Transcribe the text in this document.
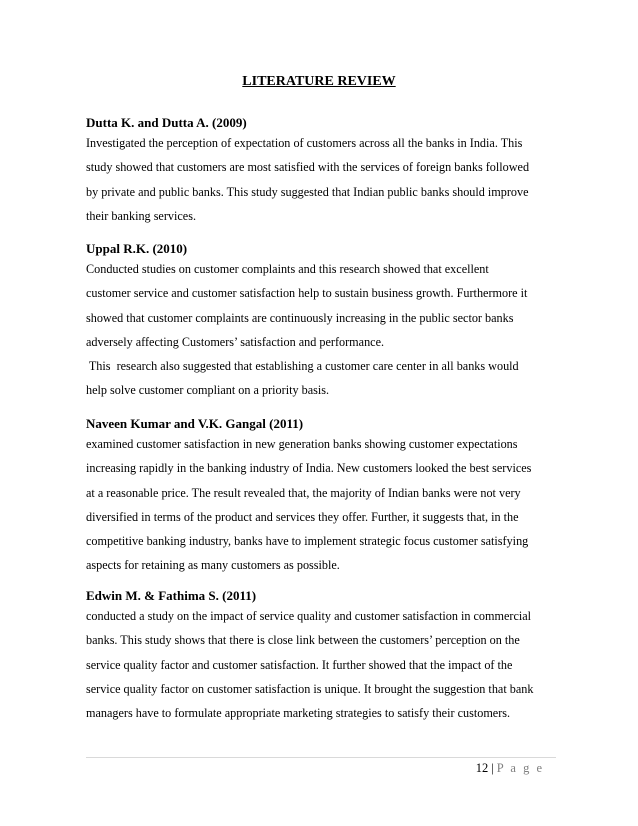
LITERATURE REVIEW
Dutta K. and Dutta A. (2009)
Investigated the perception of expectation of customers across all the banks in India. This
study showed that customers are most satisfied with the services of foreign banks followed
by private and public banks. This study suggested that Indian public banks should improve
their banking services.
Uppal R.K. (2010)
Conducted studies on customer complaints and this research showed that excellent
customer service and customer satisfaction help to sustain business growth. Furthermore it
showed that customer complaints are continuously increasing in the public sector banks
adversely affecting Customers’ satisfaction and performance.
This  research also suggested that establishing a customer care center in all banks would
help solve customer compliant on a priority basis.
Naveen Kumar and V.K. Gangal (2011)
examined customer satisfaction in new generation banks showing customer expectations
increasing rapidly in the banking industry of India. New customers looked the best services
at a reasonable price. The result revealed that, the majority of Indian banks were not very
diversified in terms of the product and services they offer. Further, it suggests that, in the
competitive banking industry, banks have to implement strategic focus customer satisfying
aspects for retaining as many customers as possible.
Edwin M. & Fathima S. (2011)
conducted a study on the impact of service quality and customer satisfaction in commercial
banks. This study shows that there is close link between the customers’ perception on the
service quality factor and customer satisfaction. It further showed that the impact of the
service quality factor on customer satisfaction is unique. It brought the suggestion that bank
managers have to formulate appropriate marketing strategies to satisfy their customers.
12 | P a g e
